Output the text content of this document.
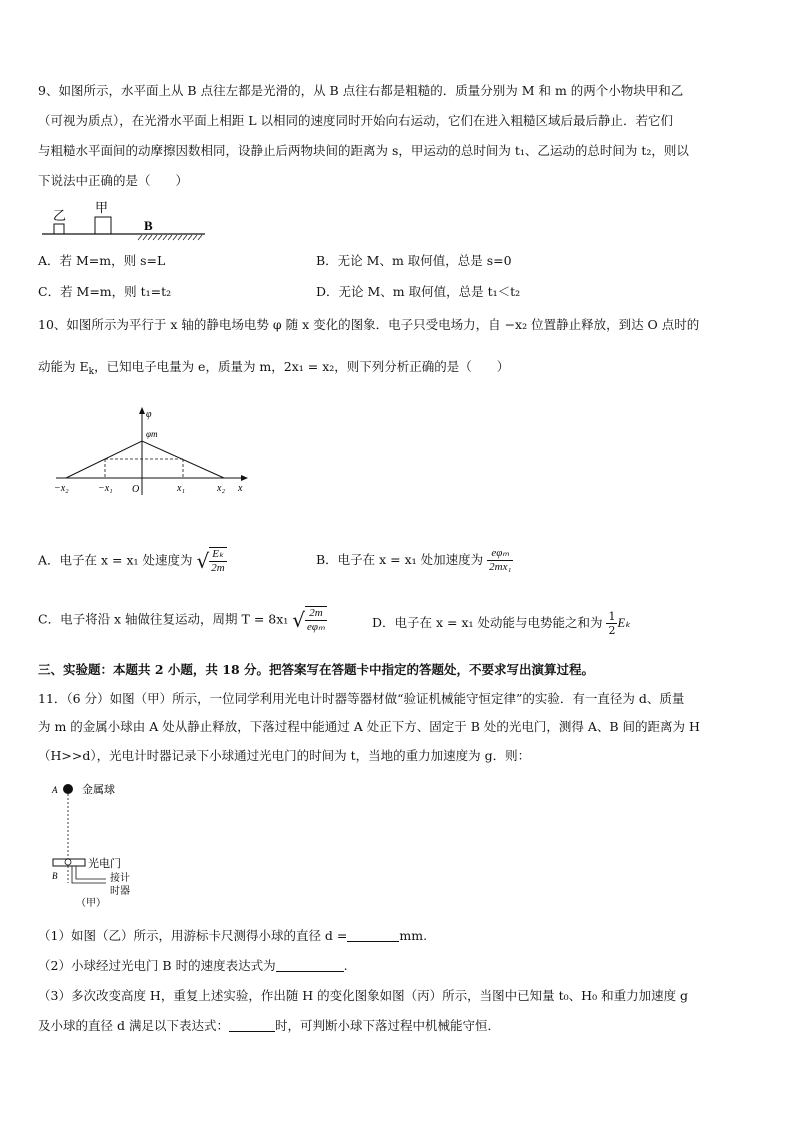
9、如图所示，水平面上从 B 点往左都是光滑的，从 B 点往右都是粗糙的．质量分别为 M 和 m 的两个小物块甲和乙
（可视为质点），在光滑水平面上相距 L 以相同的速度同时开始向右运动，它们在进入粗糙区域后最后静止．若它们
与粗糙水平面间的动摩擦因数相同，设静止后两物块间的距离为 s，甲运动的总时间为 t₁、乙运动的总时间为 t₂，则以
下说法中正确的是（　　）
乙
甲
B
A．若 M=m，则 s=L	B．无论 M、m 取何值，总是 s=0
C．若 M=m，则 t₁=t₂	D．无论 M、m 取何值，总是 t₁＜t₂
10、如图所示为平行于 x 轴的静电场电势 φ 随 x 变化的图象．电子只受电场力，自 −x₂ 位置静止释放，到达 O 点时的
动能为 $E_k$，已知电子电量为 e，质量为 m，2x₁ = x₂，则下列分析正确的是（　　）
φ
φm
−x₂	−x₁ O	x₁	x₂ x
A．电子在 x = x₁ 处速度为 √ $\frac{\text{Eₖ}}{2m}$	B．电子在 x = x₁ 处加速度为 $\frac{\text{eφₘ}}{\text{2mx₁}}$
C．电子将沿 x 轴做往复运动，周期 T = 8x₁ √ $\frac{2m}{\text{eφₘ}}$	D．电子在 x = x₁ 处动能与电势能之和为 $\frac{1}{2}$ Eₖ
三、实验题：本题共 2 小题，共 18 分。把答案写在答题卡中指定的答题处，不要求写出演算过程。
11．（6 分）如图（甲）所示，一位同学利用光电计时器等器材做“验证机械能守恒定律”的实验．有一直径为 d、质量
为 m 的金属小球由 A 处从静止释放，下落过程中能通过 A 处正下方、固定于 B 处的光电门，测得 A、B 间的距离为 H
（H>>d），光电计时器记录下小球通过光电门的时间为 t，当地的重力加速度为 g．则：
A 金属球
光电门
B	接计
时器
（甲）
（1）如图（乙）所示，用游标卡尺测得小球的直径 d =	mm.
（2）小球经过光电门 B 时的速度表达式为	.
（3）多次改变高度 H，重复上述实验，作出随 H 的变化图象如图（丙）所示，当图中已知量 t₀、H₀ 和重力加速度 g
及小球的直径 d 满足以下表达式：	时，可判断小球下落过程中机械能守恒．
